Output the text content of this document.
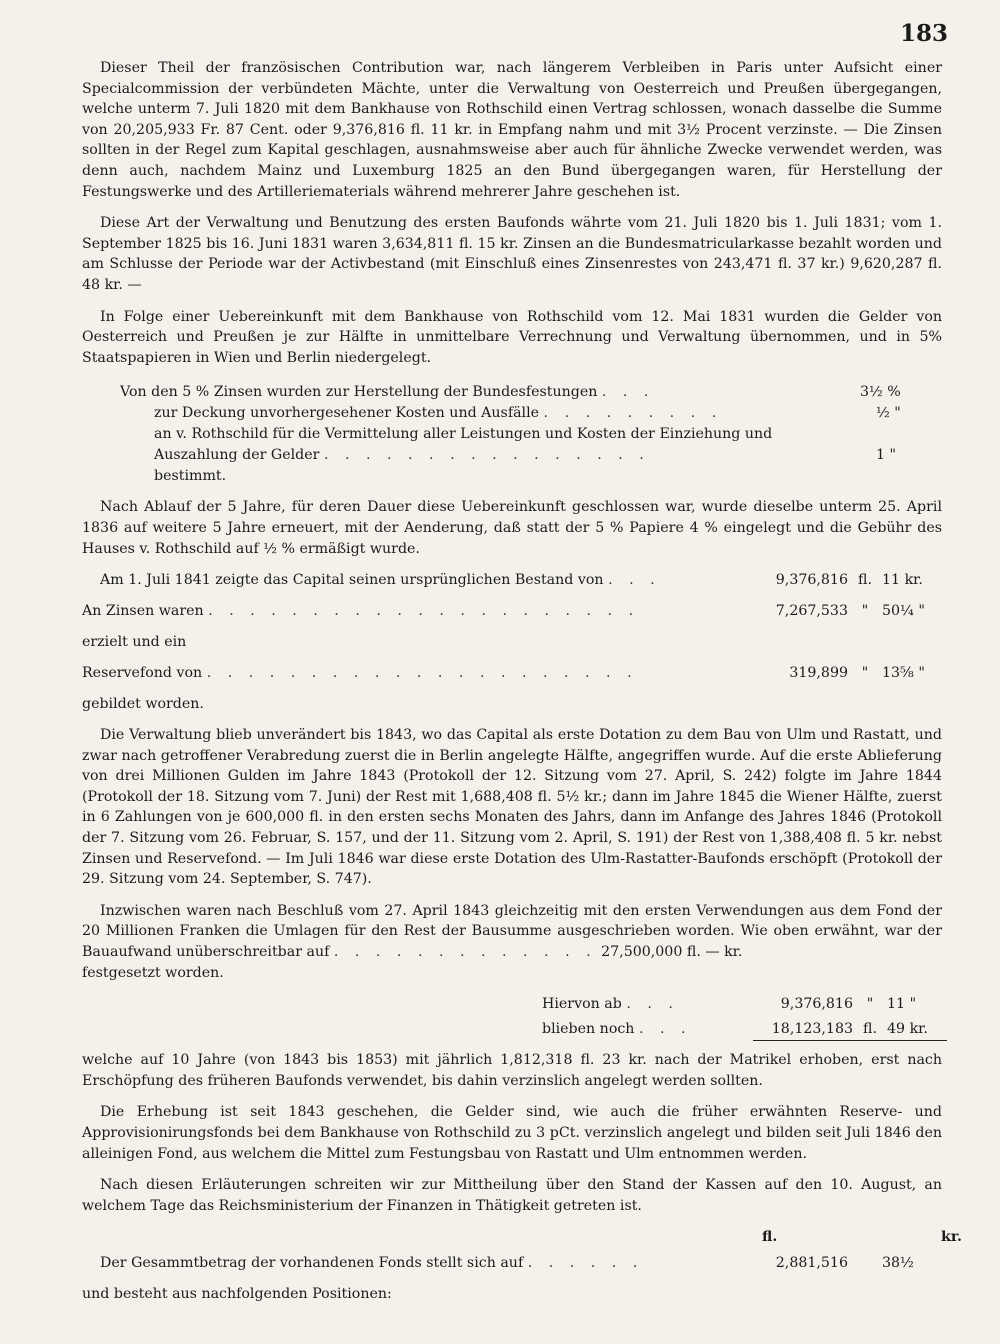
183

Dieser Theil der französischen Contribution war, nach längerem Verbleiben in Paris unter Aufsicht einer Specialcommission der verbündeten Mächte, unter die Verwaltung von Oesterreich und Preußen übergegangen, welche unterm 7. Juli 1820 mit dem Bankhause von Rothschild einen Vertrag schlossen, wonach dasselbe die Summe von 20,205,933 Fr. 87 Cent. oder 9,376,816 fl. 11 kr. in Empfang nahm und mit 3½ Procent verzinste. — Die Zinsen sollten in der Regel zum Kapital geschlagen, ausnahmsweise aber auch für ähnliche Zwecke verwendet werden, was denn auch, nachdem Mainz und Luxemburg 1825 an den Bund übergegangen waren, für Herstellung der Festungswerke und des Artilleriematerials während mehrerer Jahre geschehen ist.

Diese Art der Verwaltung und Benutzung des ersten Baufonds währte vom 21. Juli 1820 bis 1. Juli 1831; vom 1. September 1825 bis 16. Juni 1831 waren 3,634,811 fl. 15 kr. Zinsen an die Bundesmatricularkasse bezahlt worden und am Schlusse der Periode war der Activbestand (mit Einschluß eines Zinsenrestes von 243,471 fl. 37 kr.) 9,620,287 fl. 48 kr. —

In Folge einer Uebereinkunft mit dem Bankhause von Rothschild vom 12. Mai 1831 wurden die Gelder von Oesterreich und Preußen je zur Hälfte in unmittelbare Verrechnung und Verwaltung übernommen, und in 5% Staatspapieren in Wien und Berlin niedergelegt.

Von den 5 % Zinsen wurden zur Herstellung der Bundesfestungen . . .	3½ %
zur Deckung unvorhergesehener Kosten und Ausfälle . . . . . . . . .	½ "
an v. Rothschild für die Vermittelung aller Leistungen und Kosten der Einziehung und
Auszahlung der Gelder . . . . . . . . . . . . . . . .	1 "
bestimmt.

Nach Ablauf der 5 Jahre, für deren Dauer diese Uebereinkunft geschlossen war, wurde dieselbe unterm 25. April 1836 auf weitere 5 Jahre erneuert, mit der Aenderung, daß statt der 5 % Papiere 4 % eingelegt und die Gebühr des Hauses v. Rothschild auf ½ % ermäßigt wurde.

Am 1. Juli 1841 zeigte das Capital seinen ursprünglichen Bestand von . . .	9,376,816 fl. 11 kr.
An Zinsen waren . . . . . . . . . . . . . . . . . . . . .	7,267,533 " 50¼ "
erzielt und ein
Reservefond von . . . . . . . . . . . . . . . . . . . . .	319,899 " 13⅝ "
gebildet worden.

Die Verwaltung blieb unverändert bis 1843, wo das Capital als erste Dotation zu dem Bau von Ulm und Rastatt, und zwar nach getroffener Verabredung zuerst die in Berlin angelegte Hälfte, angegriffen wurde. Auf die erste Ablieferung von drei Millionen Gulden im Jahre 1843 (Protokoll der 12. Sitzung vom 27. April, S. 242) folgte im Jahre 1844 (Protokoll der 18. Sitzung vom 7. Juni) der Rest mit 1,688,408 fl. 5½ kr.; dann im Jahre 1845 die Wiener Hälfte, zuerst in 6 Zahlungen von je 600,000 fl. in den ersten sechs Monaten des Jahrs, dann im Anfange des Jahres 1846 (Protokoll der 7. Sitzung vom 26. Februar, S. 157, und der 11. Sitzung vom 2. April, S. 191) der Rest von 1,388,408 fl. 5 kr. nebst Zinsen und Reservefond. — Im Juli 1846 war diese erste Dotation des Ulm-Rastatter-Baufonds erschöpft (Protokoll der 29. Sitzung vom 24. September, S. 747).

Inzwischen waren nach Beschluß vom 27. April 1843 gleichzeitig mit den ersten Verwendungen aus dem Fond der 20 Millionen Franken die Umlagen für den Rest der Bausumme ausgeschrieben worden. Wie oben erwähnt, war der Bauaufwand unüberschreitbar auf . . . . . . . . . . . . . 27,500,000 fl. — kr.

festgesetzt worden.

Hiervon ab . . .	9,376,816 " 11 "
blieben noch . . .	18,123,183 fl. 49 kr.

welche auf 10 Jahre (von 1843 bis 1853) mit jährlich 1,812,318 fl. 23 kr. nach der Matrikel erhoben, erst nach Erschöpfung des früheren Baufonds verwendet, bis dahin verzinslich angelegt werden sollten.

Die Erhebung ist seit 1843 geschehen, die Gelder sind, wie auch die früher erwähnten Reserve- und Approvisionirungsfonds bei dem Bankhause von Rothschild zu 3 pCt. verzinslich angelegt und bilden seit Juli 1846 den alleinigen Fond, aus welchem die Mittel zum Festungsbau von Rastatt und Ulm entnommen werden.

Nach diesen Erläuterungen schreiten wir zur Mittheilung über den Stand der Kassen auf den 10. August, an welchem Tage das Reichsministerium der Finanzen in Thätigkeit getreten ist.

fl.	kr.
Der Gesammtbetrag der vorhandenen Fonds stellt sich auf . . . . . .	2,881,516 38½

und besteht aus nachfolgenden Positionen:
